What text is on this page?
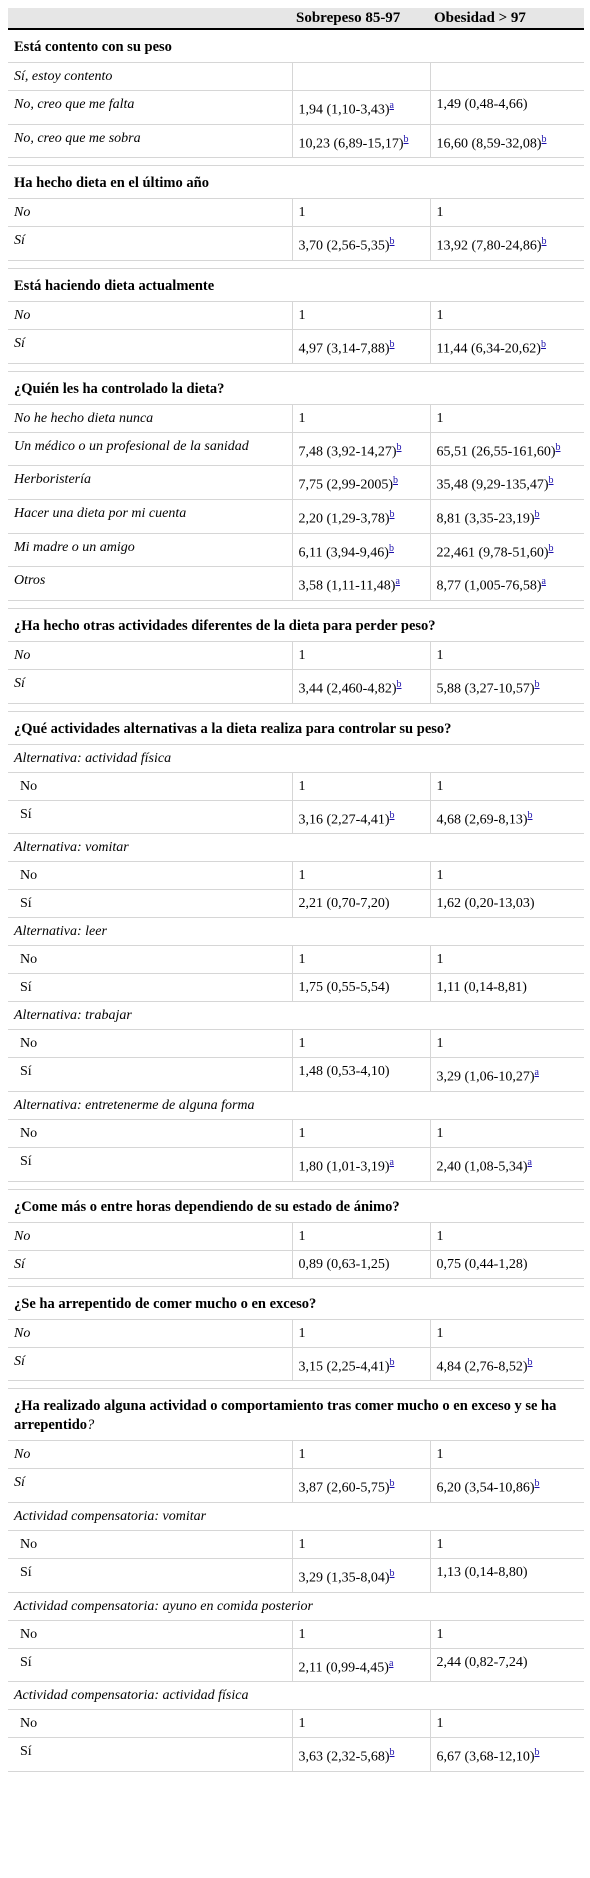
	Sobrepeso 85-97	Obesidad > 97
Está contento con su peso		
Sí, estoy contento		
No, creo que me falta	1,94 (1,10-3,43)$^a$	1,49 (0,48-4,66)
No, creo que me sobra	10,23 (6,89-15,17)$^b$	16,60 (8,59-32,08)$^b$

Ha hecho dieta en el último año		
No	1	1
Sí	3,70 (2,56-5,35)$^b$	13,92 (7,80-24,86)$^b$

Está haciendo dieta actualmente		
No	1	1
Sí	4,97 (3,14-7,88)$^b$	11,44 (6,34-20,62)$^b$

¿Quién les ha controlado la dieta?		
No he hecho dieta nunca	1	1
Un médico o un profesional de la sanidad	7,48 (3,92-14,27)$^b$	65,51 (26,55-161,60)$^b$
Herboristería	7,75 (2,99-2005)$^b$	35,48 (9,29-135,47)$^b$
Hacer una dieta por mi cuenta	2,20 (1,29-3,78)$^b$	8,81 (3,35-23,19)$^b$
Mi madre o un amigo	6,11 (3,94-9,46)$^b$	22,461 (9,78-51,60)$^b$
Otros	3,58 (1,11-11,48)$^a$	8,77 (1,005-76,58)$^a$

¿Ha hecho otras actividades diferentes de la dieta para perder peso?		
No	1	1
Sí	3,44 (2,460-4,82)$^b$	5,88 (3,27-10,57)$^b$

¿Qué actividades alternativas a la dieta realiza para controlar su peso?		
Alternativa: actividad física		
No	1	1
Sí	3,16 (2,27-4,41)$^b$	4,68 (2,69-8,13)$^b$
Alternativa: vomitar		
No	1	1
Sí	2,21 (0,70-7,20)	1,62 (0,20-13,03)
Alternativa: leer		
No	1	1
Sí	1,75 (0,55-5,54)	1,11 (0,14-8,81)
Alternativa: trabajar		
No	1	1
Sí	1,48 (0,53-4,10)	3,29 (1,06-10,27)$^a$
Alternativa: entretenerme de alguna forma		
No	1	1
Sí	1,80 (1,01-3,19)$^a$	2,40 (1,08-5,34)$^a$

¿Come más o entre horas dependiendo de su estado de ánimo?		
No	1	1
Sí	0,89 (0,63-1,25)	0,75 (0,44-1,28)

¿Se ha arrepentido de comer mucho o en exceso?		
No	1	1
Sí	3,15 (2,25-4,41)$^b$	4,84 (2,76-8,52)$^b$

¿Ha realizado alguna actividad o comportamiento tras comer mucho o en exceso y se ha arrepentido?		
No	1	1
Sí	3,87 (2,60-5,75)$^b$	6,20 (3,54-10,86)$^b$
Actividad compensatoria: vomitar		
No	1	1
Sí	3,29 (1,35-8,04)$^b$	1,13 (0,14-8,80)
Actividad compensatoria: ayuno en comida posterior		
No	1	1
Sí	2,11 (0,99-4,45)$^a$	2,44 (0,82-7,24)
Actividad compensatoria: actividad física		
No	1	1
Sí	3,63 (2,32-5,68)$^b$	6,67 (3,68-12,10)$^b$
